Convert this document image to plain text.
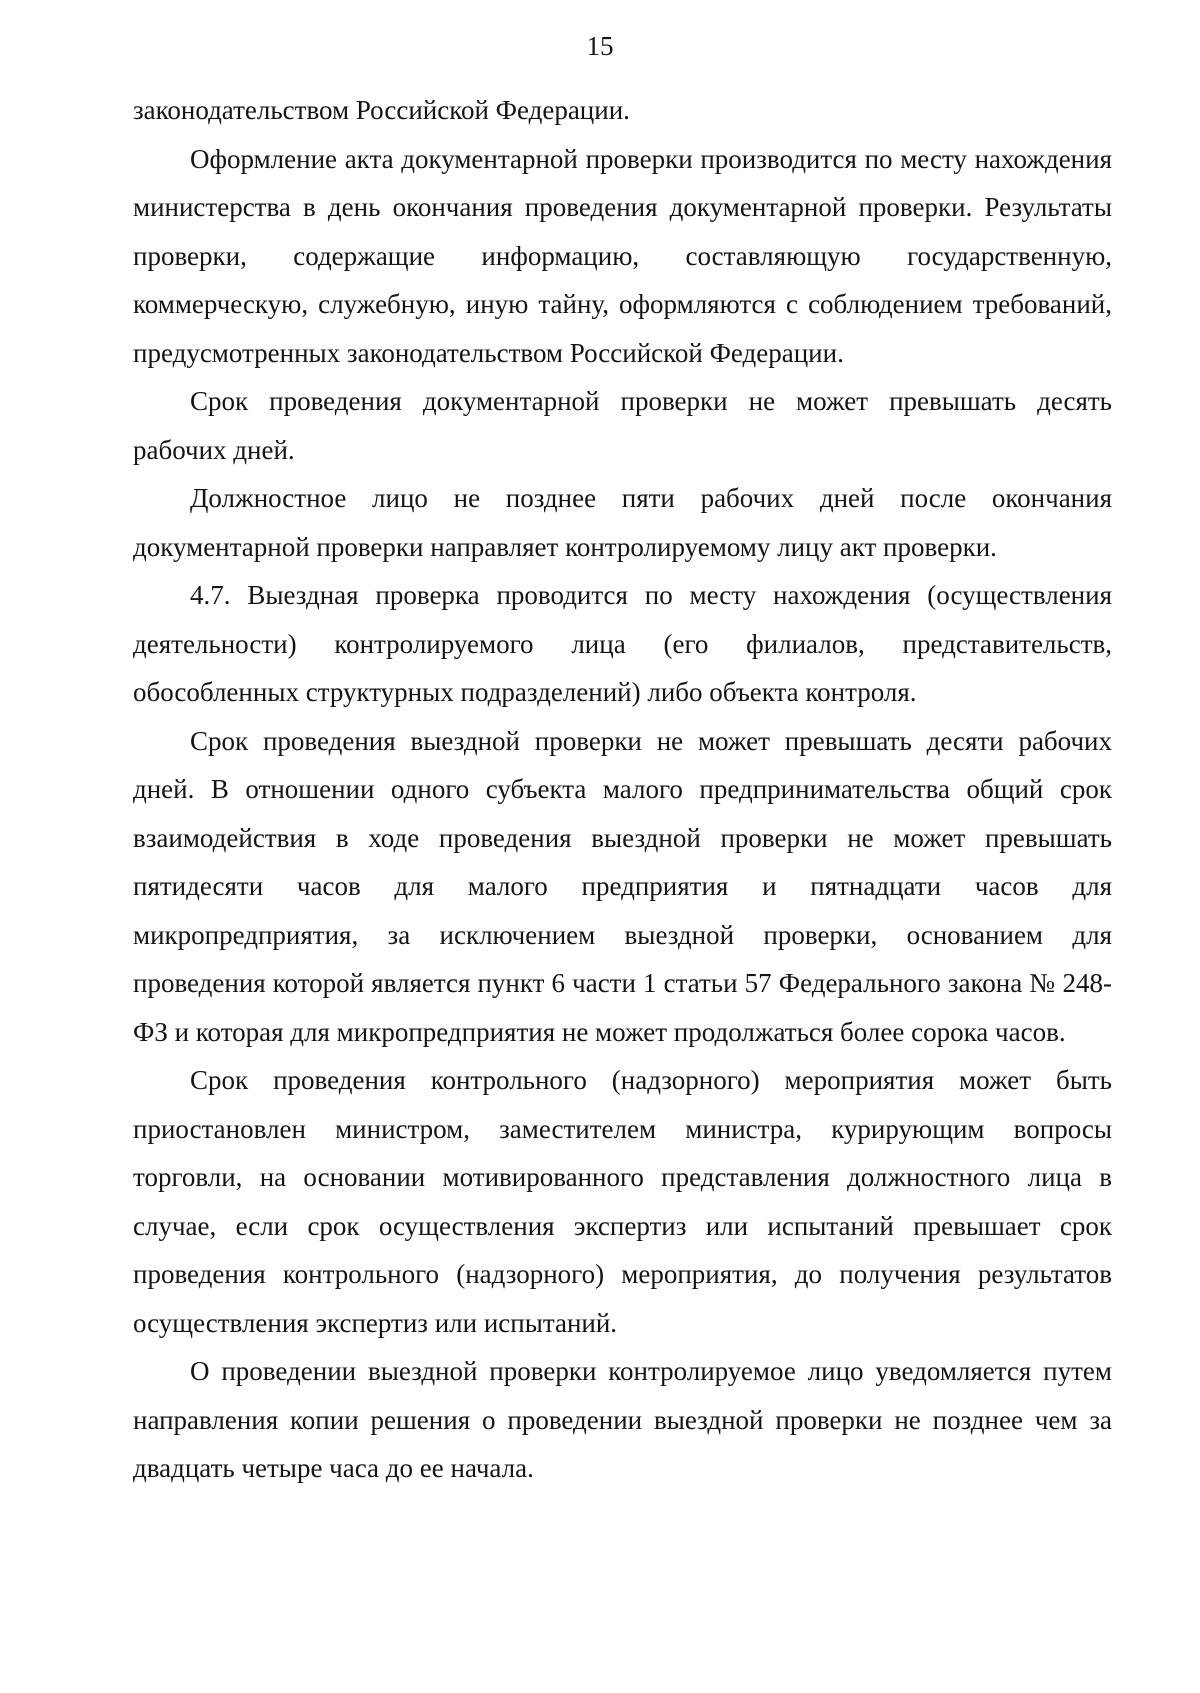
15

законодательством Российской Федерации.

Оформление акта документарной проверки производится по месту нахождения министерства в день окончания проведения документарной проверки. Результаты проверки, содержащие информацию, составляющую государственную, коммерческую, служебную, иную тайну, оформляются с соблюдением требований, предусмотренных законодательством Российской Федерации.

Срок проведения документарной проверки не может превышать десять рабочих дней.

Должностное лицо не позднее пяти рабочих дней после окончания документарной проверки направляет контролируемому лицу акт проверки.

4.7. Выездная проверка проводится по месту нахождения (осуществления деятельности) контролируемого лица (его филиалов, представительств, обособленных структурных подразделений) либо объекта контроля.

Срок проведения выездной проверки не может превышать десяти рабочих дней. В отношении одного субъекта малого предпринимательства общий срок взаимодействия в ходе проведения выездной проверки не может превышать пятидесяти часов для малого предприятия и пятнадцати часов для микропредприятия, за исключением выездной проверки, основанием для проведения которой является пункт 6 части 1 статьи 57 Федерального закона № 248-ФЗ и которая для микропредприятия не может продолжаться более сорока часов.

Срок проведения контрольного (надзорного) мероприятия может быть приостановлен министром, заместителем министра, курирующим вопросы торговли, на основании мотивированного представления должностного лица в случае, если срок осуществления экспертиз или испытаний превышает срок проведения контрольного (надзорного) мероприятия, до получения результатов осуществления экспертиз или испытаний.

О проведении выездной проверки контролируемое лицо уведомляется путем направления копии решения о проведении выездной проверки не позднее чем за двадцать четыре часа до ее начала.
